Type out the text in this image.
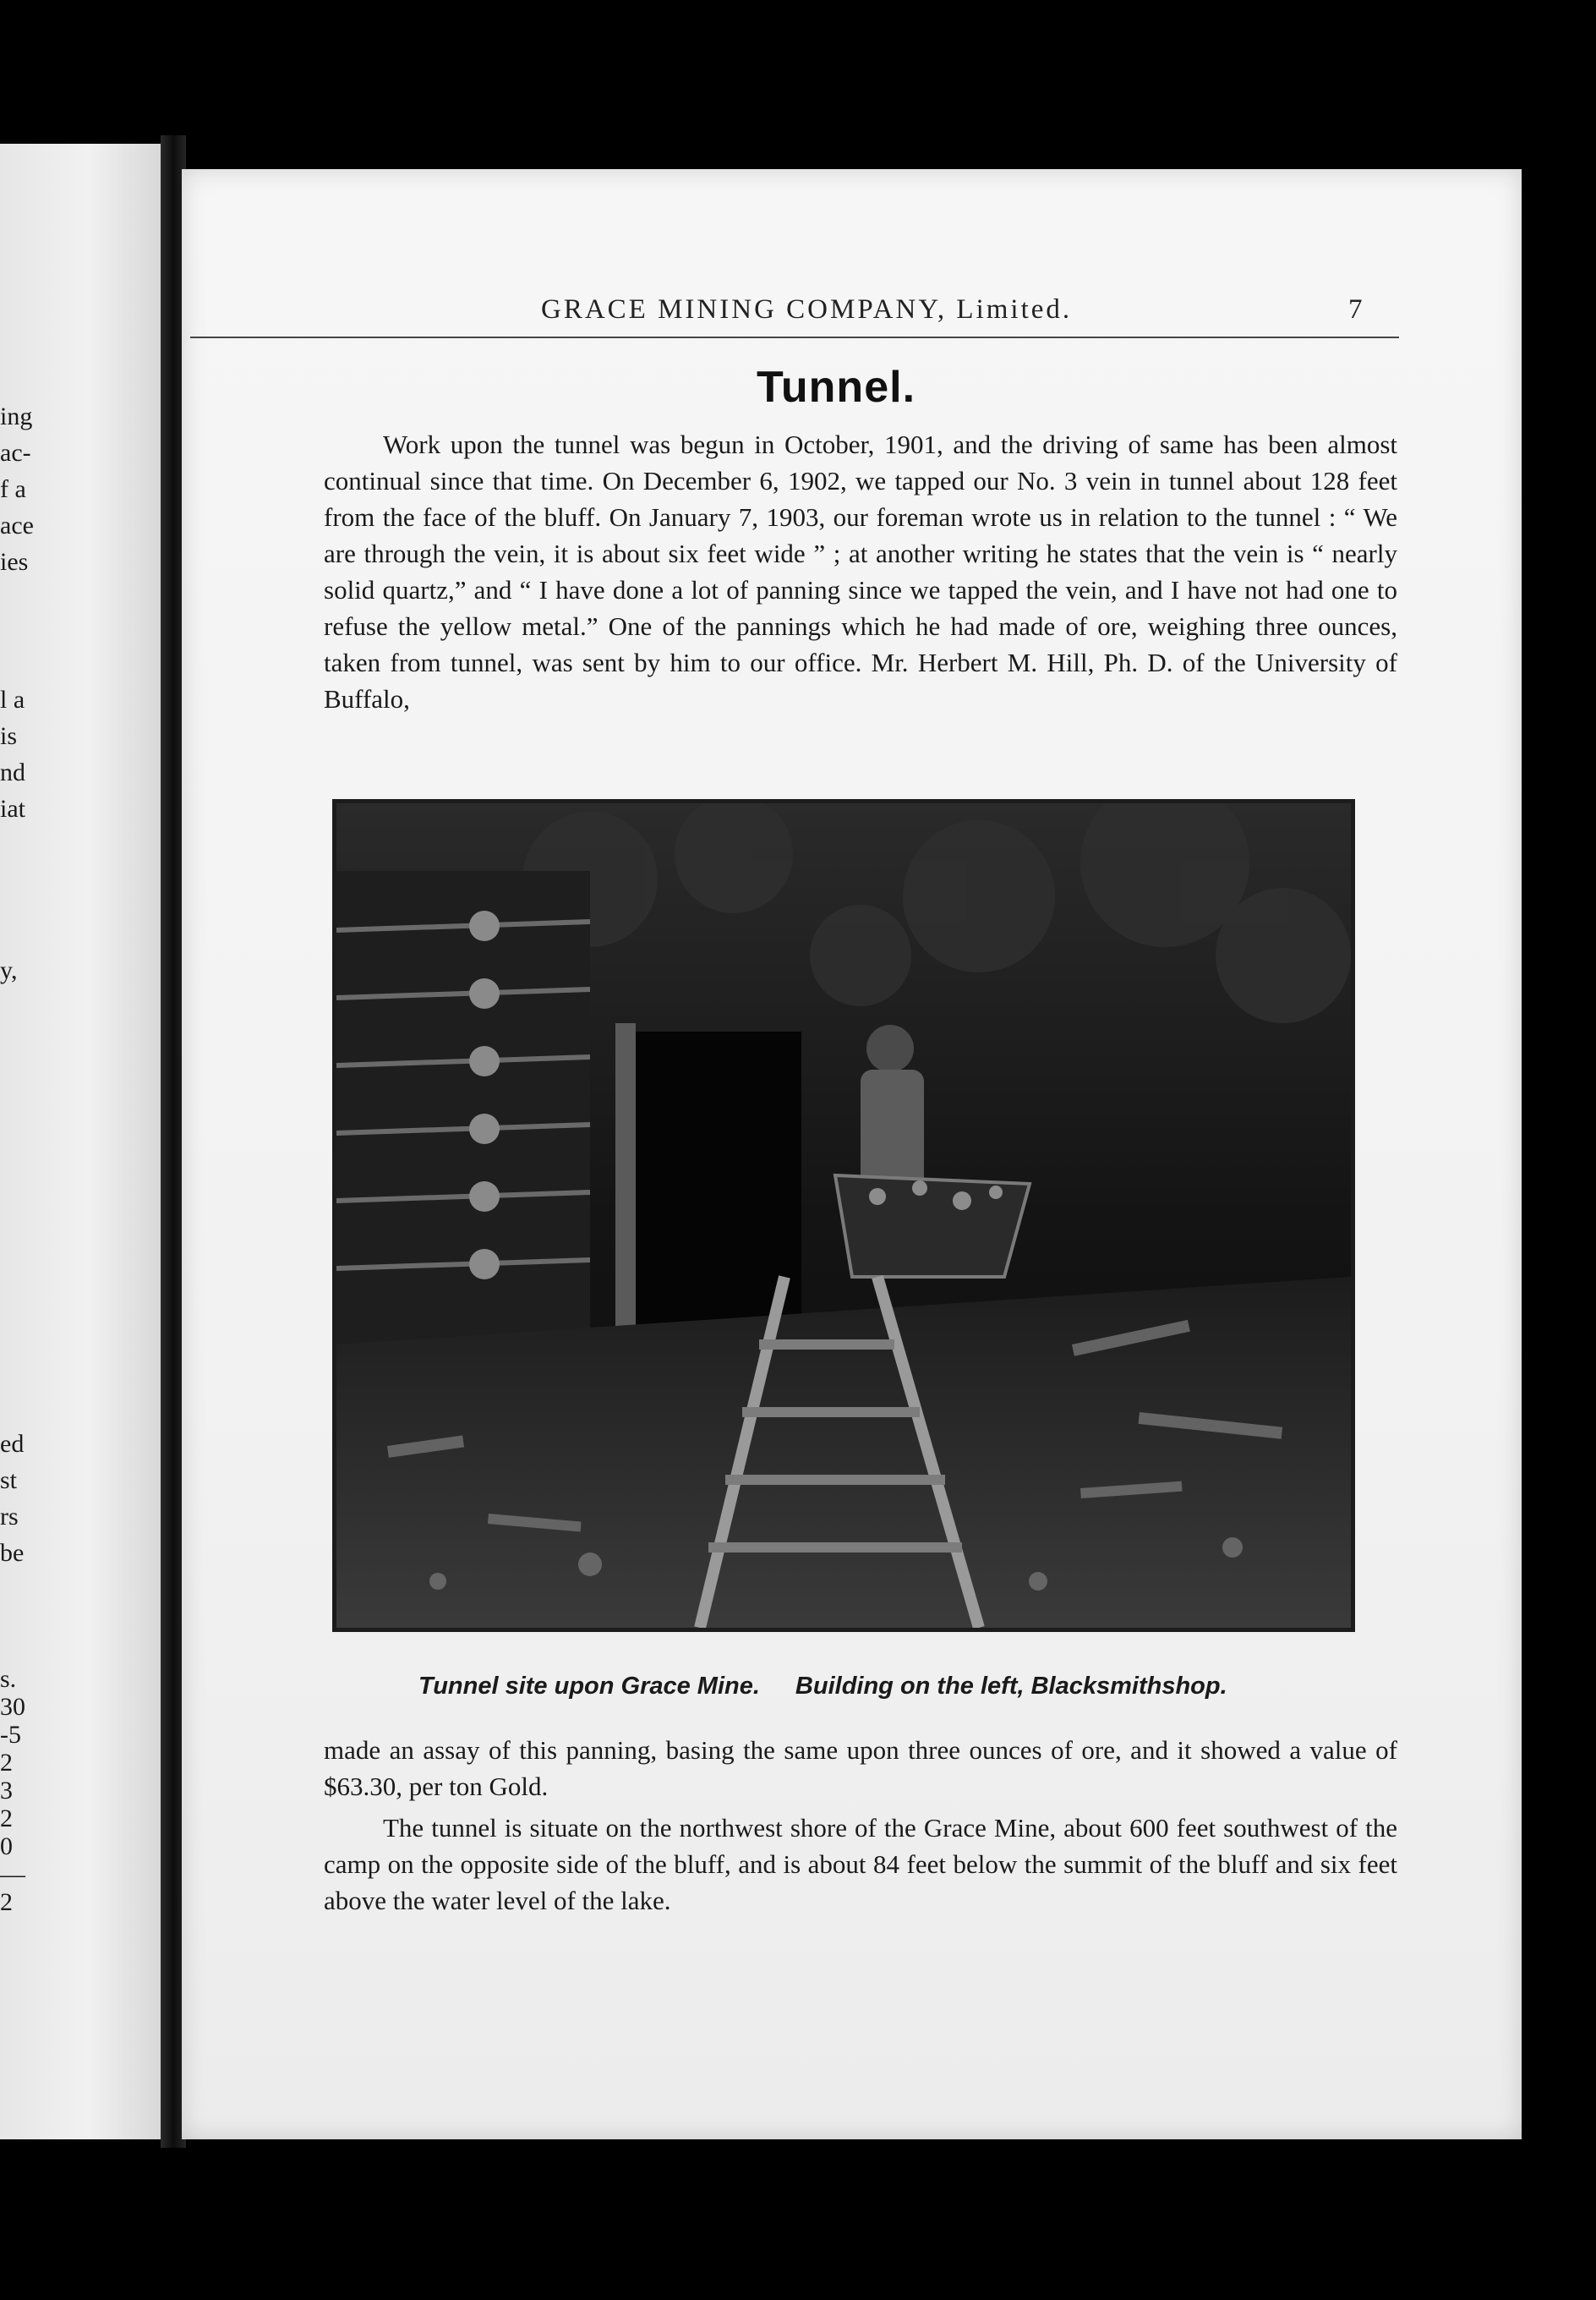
ing
ac-
f a
ace
ies
l a
is
nd
iat
y,
ed
st
rs
be
s.
30
-5
2
3
2
0
—
2
GRACE MINING COMPANY, Limited.	7
Tunnel.
Work upon the tunnel was begun in October, 1901, and the driving of same has been almost continual since that time. On December 6, 1902, we tapped our No. 3 vein in tunnel about 128 feet from the face of the bluff. On January 7, 1903, our foreman wrote us in relation to the tunnel : “ We are through the vein, it is about six feet wide ” ; at another writing he states that the vein is “ nearly solid quartz,” and “ I have done a lot of panning since we tapped the vein, and I have not had one to refuse the yellow metal.” One of the pannings which he had made of ore, weighing three ounces, taken from tunnel, was sent by him to our office. Mr. Herbert M. Hill, Ph. D. of the University of Buffalo,
Tunnel site upon Grace Mine. Building on the left, Blacksmithshop.
made an assay of this panning, basing the same upon three ounces of ore, and it showed a value of $63.30, per ton Gold.
The tunnel is situate on the northwest shore of the Grace Mine, about 600 feet southwest of the camp on the opposite side of the bluff, and is about 84 feet below the summit of the bluff and six feet above the water level of the lake.
